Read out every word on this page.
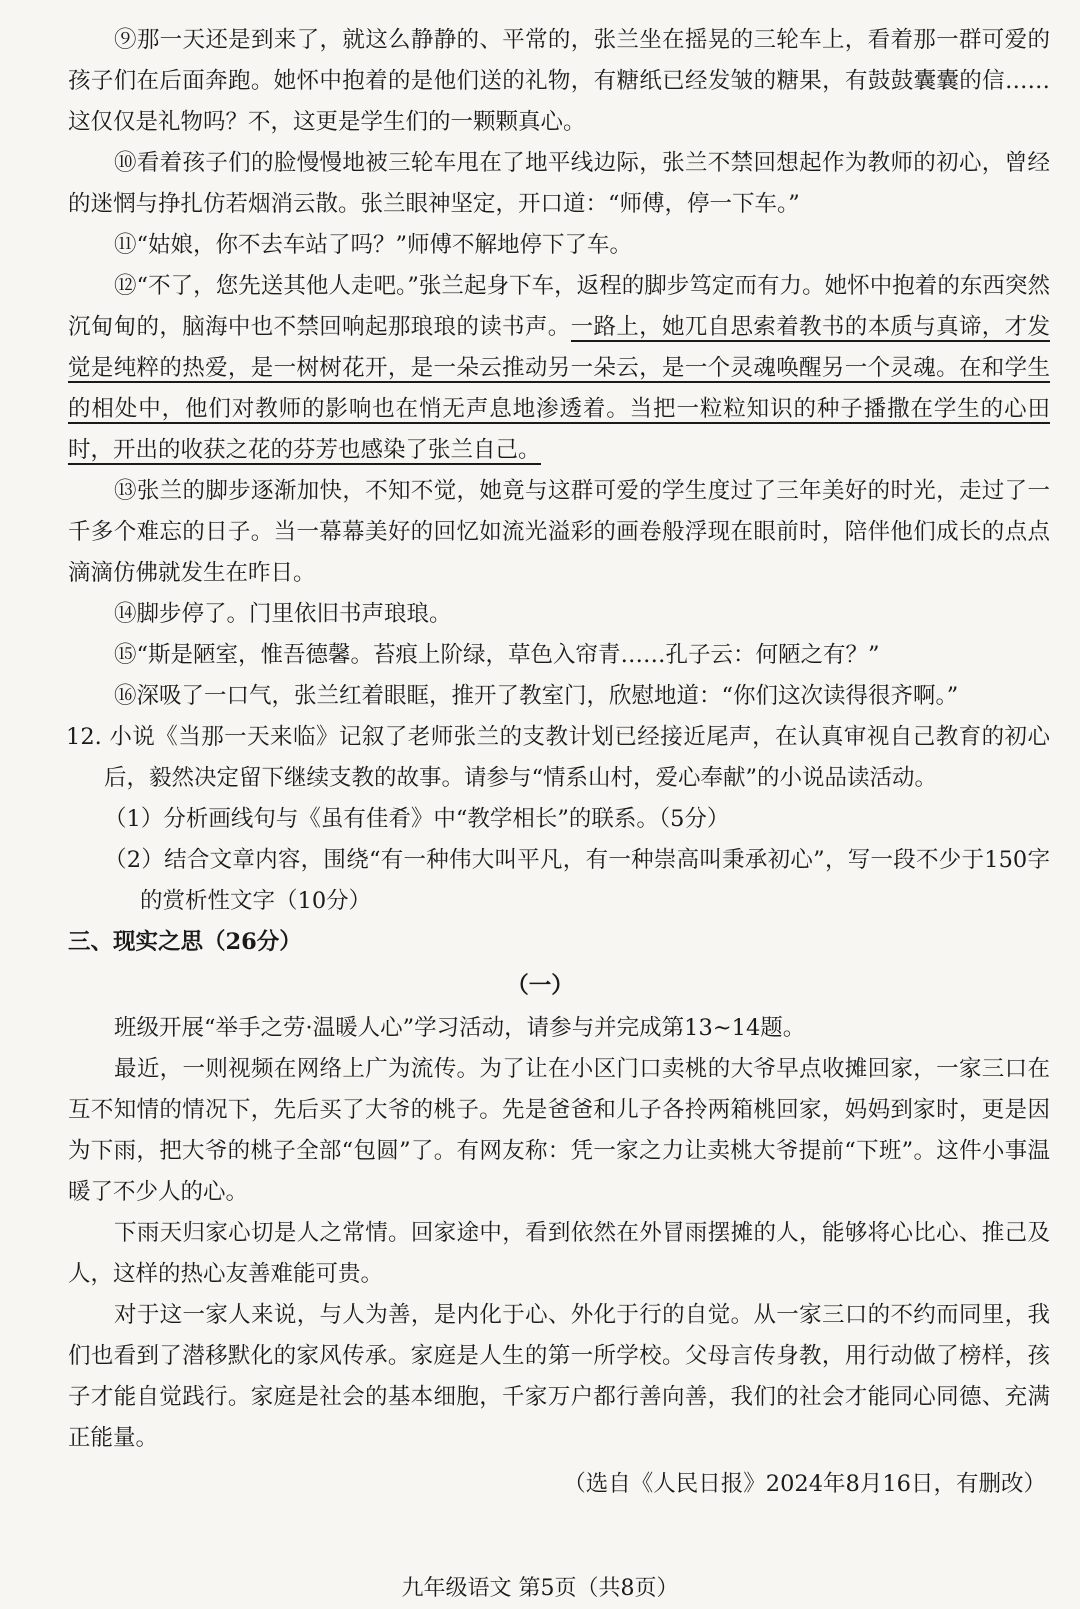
⑨那一天还是到来了，就这么静静的、平常的，张兰坐在摇晃的三轮车上，看着那一群可爱的孩子们在后面奔跑。她怀中抱着的是他们送的礼物，有糖纸已经发皱的糖果，有鼓鼓囊囊的信……这仅仅是礼物吗？不，这更是学生们的一颗颗真心。

⑩看着孩子们的脸慢慢地被三轮车甩在了地平线边际，张兰不禁回想起作为教师的初心，曾经的迷惘与挣扎仿若烟消云散。张兰眼神坚定，开口道：“师傅，停一下车。”

⑪“姑娘，你不去车站了吗？”师傅不解地停下了车。

⑫“不了，您先送其他人走吧。”张兰起身下车，返程的脚步笃定而有力。她怀中抱着的东西突然沉甸甸的，脑海中也不禁回响起那琅琅的读书声。一路上，她兀自思索着教书的本质与真谛，才发觉是纯粹的热爱，是一树树花开，是一朵云推动另一朵云，是一个灵魂唤醒另一个灵魂。在和学生的相处中，他们对教师的影响也在悄无声息地渗透着。当把一粒粒知识的种子播撒在学生的心田时，开出的收获之花的芬芳也感染了张兰自己。

⑬张兰的脚步逐渐加快，不知不觉，她竟与这群可爱的学生度过了三年美好的时光，走过了一千多个难忘的日子。当一幕幕美好的回忆如流光溢彩的画卷般浮现在眼前时，陪伴他们成长的点点滴滴仿佛就发生在昨日。

⑭脚步停了。门里依旧书声琅琅。

⑮“斯是陋室，惟吾德馨。苔痕上阶绿，草色入帘青……孔子云：何陋之有？”

⑯深吸了一口气，张兰红着眼眶，推开了教室门，欣慰地道：“你们这次读得很齐啊。”

12. 小说《当那一天来临》记叙了老师张兰的支教计划已经接近尾声，在认真审视自己教育的初心后，毅然决定留下继续支教的故事。请参与“情系山村，爱心奉献”的小说品读活动。

（1）分析画线句与《虽有佳肴》中“教学相长”的联系。（5分）

（2）结合文章内容，围绕“有一种伟大叫平凡，有一种崇高叫秉承初心”，写一段不少于150字的赏析性文字（10分）

三、现实之思（26分）

（一）

班级开展“举手之劳·温暖人心”学习活动，请参与并完成第13~14题。

最近，一则视频在网络上广为流传。为了让在小区门口卖桃的大爷早点收摊回家，一家三口在互不知情的情况下，先后买了大爷的桃子。先是爸爸和儿子各拎两箱桃回家，妈妈到家时，更是因为下雨，把大爷的桃子全部“包圆”了。有网友称：凭一家之力让卖桃大爷提前“下班”。这件小事温暖了不少人的心。

下雨天归家心切是人之常情。回家途中，看到依然在外冒雨摆摊的人，能够将心比心、推己及人，这样的热心友善难能可贵。

对于这一家人来说，与人为善，是内化于心、外化于行的自觉。从一家三口的不约而同里，我们也看到了潜移默化的家风传承。家庭是人生的第一所学校。父母言传身教，用行动做了榜样，孩子才能自觉践行。家庭是社会的基本细胞，千家万户都行善向善，我们的社会才能同心同德、充满正能量。

（选自《人民日报》2024年8月16日，有删改）
九年级语文 第5页（共8页）
